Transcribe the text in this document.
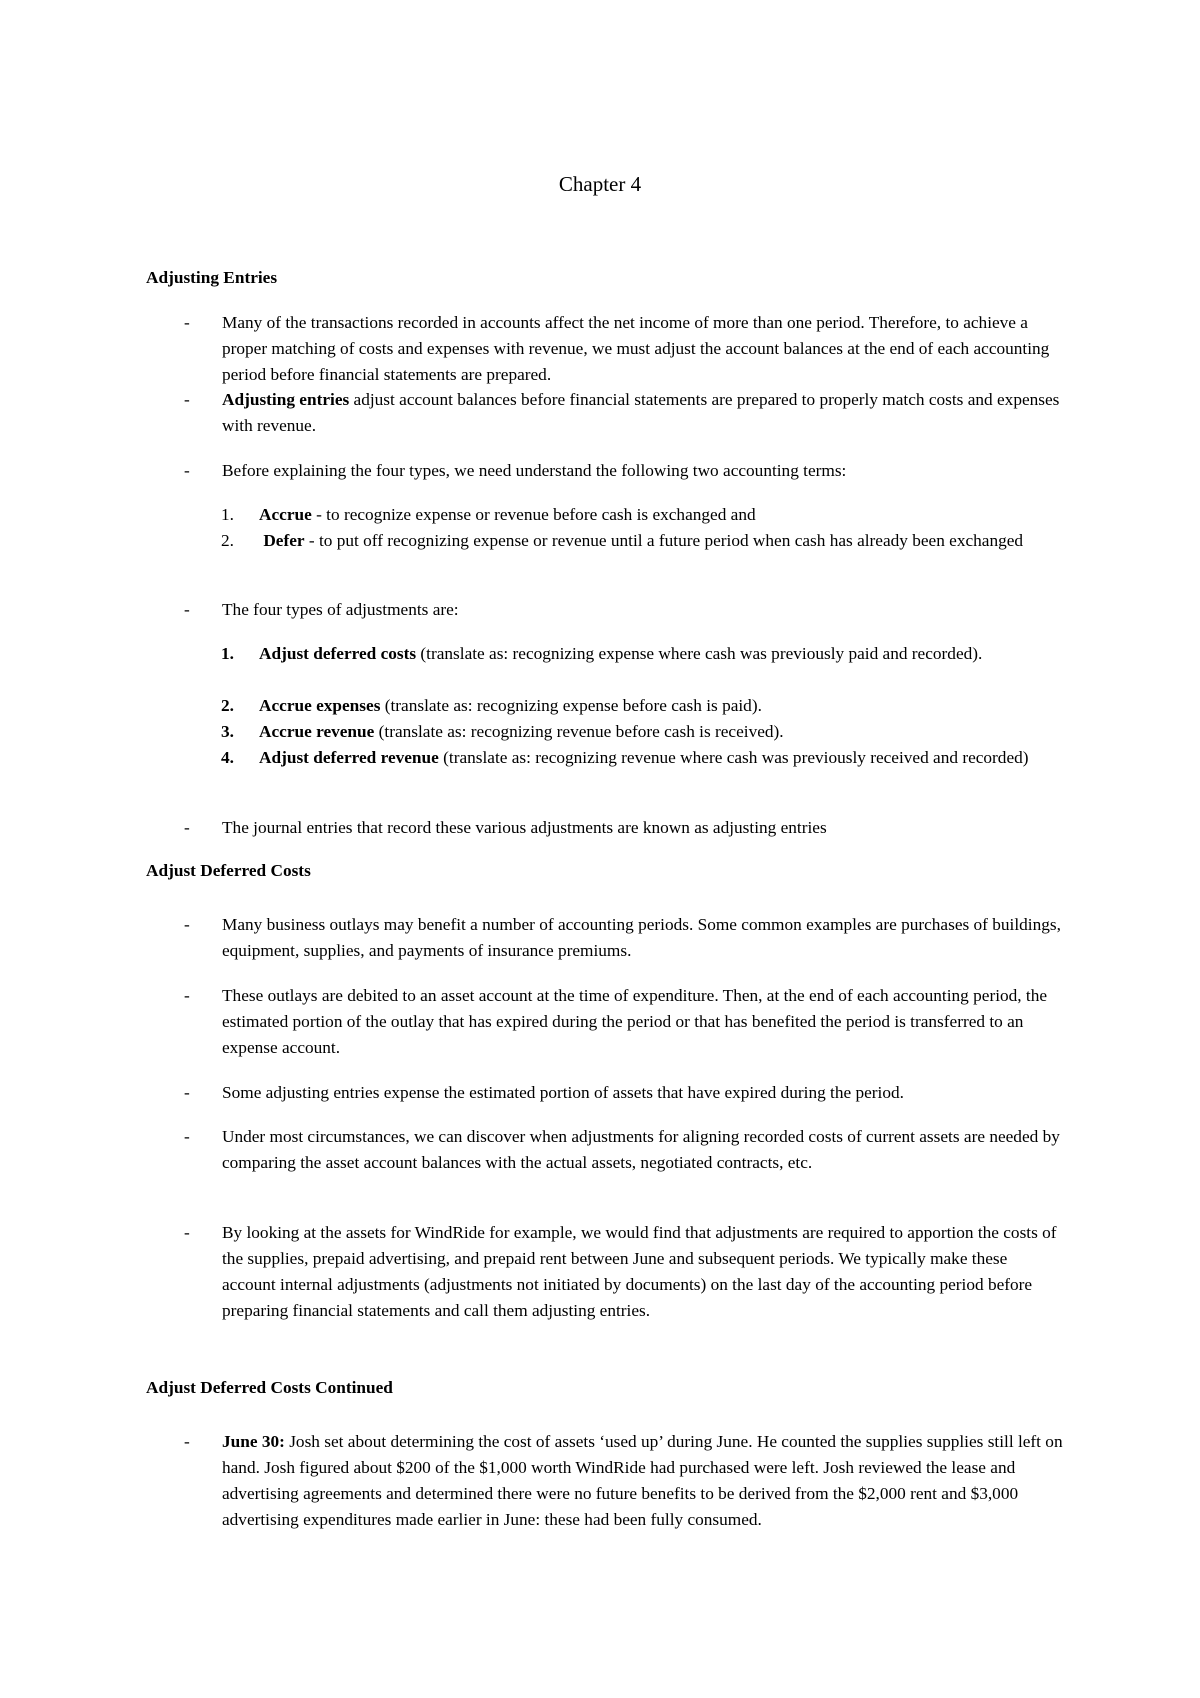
Chapter 4
Adjusting Entries
- Many of the transactions recorded in accounts affect the net income of more than one period. Therefore, to achieve a proper matching of costs and expenses with revenue, we must adjust the account balances at the end of each accounting period before financial statements are prepared.
- Adjusting entries adjust account balances before financial statements are prepared to properly match costs and expenses with revenue.
- Before explaining the four types, we need understand the following two accounting terms:
1. Accrue - to recognize expense or revenue before cash is exchanged and
2. Defer - to put off recognizing expense or revenue until a future period when cash has already been exchanged
- The four types of adjustments are:
1. Adjust deferred costs (translate as: recognizing expense where cash was previously paid and recorded).
2. Accrue expenses (translate as: recognizing expense before cash is paid).
3. Accrue revenue (translate as: recognizing revenue before cash is received).
4. Adjust deferred revenue (translate as: recognizing revenue where cash was previously received and recorded)
- The journal entries that record these various adjustments are known as adjusting entries
Adjust Deferred Costs
- Many business outlays may benefit a number of accounting periods. Some common examples are purchases of buildings, equipment, supplies, and payments of insurance premiums.
- These outlays are debited to an asset account at the time of expenditure. Then, at the end of each accounting period, the estimated portion of the outlay that has expired during the period or that has benefited the period is transferred to an expense account.
- Some adjusting entries expense the estimated portion of assets that have expired during the period.
- Under most circumstances, we can discover when adjustments for aligning recorded costs of current assets are needed by comparing the asset account balances with the actual assets, negotiated contracts, etc.
- By looking at the assets for WindRide for example, we would find that adjustments are required to apportion the costs of the supplies, prepaid advertising, and prepaid rent between June and subsequent periods. We typically make these account internal adjustments (adjustments not initiated by documents) on the last day of the accounting period before preparing financial statements and call them adjusting entries.
Adjust Deferred Costs Continued
- June 30: Josh set about determining the cost of assets ‘used up’ during June. He counted the supplies supplies still left on hand. Josh figured about $200 of the $1,000 worth WindRide had purchased were left. Josh reviewed the lease and advertising agreements and determined there were no future benefits to be derived from the $2,000 rent and $3,000 advertising expenditures made earlier in June: these had been fully consumed.
